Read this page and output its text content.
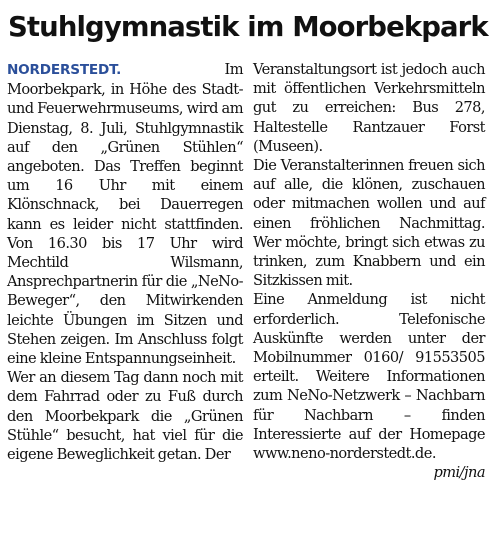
Stuhlgymnastik im Moorbekpark

NORDERSTEDT.	Im Moorbekpark, in Höhe des Stadt- und Feuerwehrmuseums, wird am Dienstag, 8. Juli, Stuhlgymnastik auf den „Grünen Stühlen“ angeboten. Das Treffen beginnt um 16 Uhr mit einem Klönschnack, bei Dauerregen kann es leider nicht stattfinden. Von 16.30 bis 17 Uhr wird Mechtild Wilsmann, Ansprechpartnerin für die „NeNo-Beweger“, den Mitwirkenden leichte Übungen im Sitzen und Stehen zeigen. Im Anschluss folgt eine kleine Entspannungseinheit.

Wer an diesem Tag dann noch mit dem Fahrrad oder zu Fuß durch den Moorbekpark die „Grünen Stühle“ besucht, hat viel für die eigene Beweglichkeit getan. Der

Veranstaltungsort ist jedoch auch mit öffentlichen Verkehrsmitteln gut zu erreichen: Bus 278, Haltestelle Rantzauer Forst (Museen).

Die Veranstalterinnen freuen sich auf alle, die klönen, zuschauen oder mitmachen wollen und auf einen fröhlichen Nachmittag. Wer möchte, bringt sich etwas zu trinken, zum Knabbern und ein Sitzkissen mit.

Eine Anmeldung ist nicht erforderlich. Telefonische Auskünfte werden unter der Mobilnummer 0160/ 91553505 erteilt. Weitere Informationen zum NeNo-Netzwerk – Nachbarn für Nachbarn – finden Interessierte auf der Homepage www.neno-norderstedt.de.

pmi/jna
